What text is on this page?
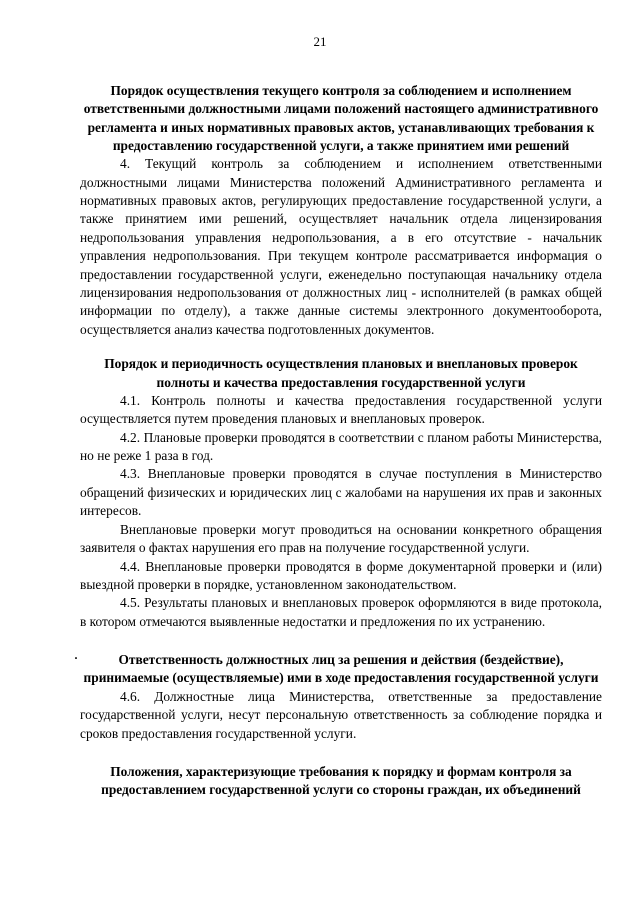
21
Порядок осуществления текущего контроля за соблюдением и исполнением ответственными должностными лицами положений настоящего административного регламента и иных нормативных правовых актов, устанавливающих требования к предоставлению государственной услуги, а также принятием ими решений

4. Текущий контроль за соблюдением и исполнением ответственными должностными лицами Министерства положений Административного регламента и нормативных правовых актов, регулирующих предоставление государственной услуги, а также принятием ими решений, осуществляет начальник отдела лицензирования недропользования управления недропользования, а в его отсутствие - начальник управления недропользования. При текущем контроле рассматривается информация о предоставлении государственной услуги, еженедельно поступающая начальнику отдела лицензирования недропользования от должностных лиц - исполнителей (в рамках общей информации по отделу), а также данные системы электронного документооборота, осуществляется анализ качества подготовленных документов.

Порядок и периодичность осуществления плановых и внеплановых проверок полноты и качества предоставления государственной услуги

4.1. Контроль полноты и качества предоставления государственной услуги осуществляется путем проведения плановых и внеплановых проверок.

4.2. Плановые проверки проводятся в соответствии с планом работы Министерства, но не реже 1 раза в год.

4.3. Внеплановые проверки проводятся в случае поступления в Министерство обращений физических и юридических лиц с жалобами на нарушения их прав и законных интересов.

Внеплановые проверки могут проводиться на основании конкретного обращения заявителя о фактах нарушения его прав на получение государственной услуги.

4.4. Внеплановые проверки проводятся в форме документарной проверки и (или) выездной проверки в порядке, установленном законодательством.

4.5. Результаты плановых и внеплановых проверок оформляются в виде протокола, в котором отмечаются выявленные недостатки и предложения по их устранению.

·	Ответственность должностных лиц за решения и действия (бездействие), принимаемые (осуществляемые) ими в ходе предоставления государственной услуги

4.6. Должностные лица Министерства, ответственные за предоставление государственной услуги, несут персональную ответственность за соблюдение порядка и сроков предоставления государственной услуги.

Положения, характеризующие требования к порядку и формам контроля за предоставлением государственной услуги со стороны граждан, их объединений
